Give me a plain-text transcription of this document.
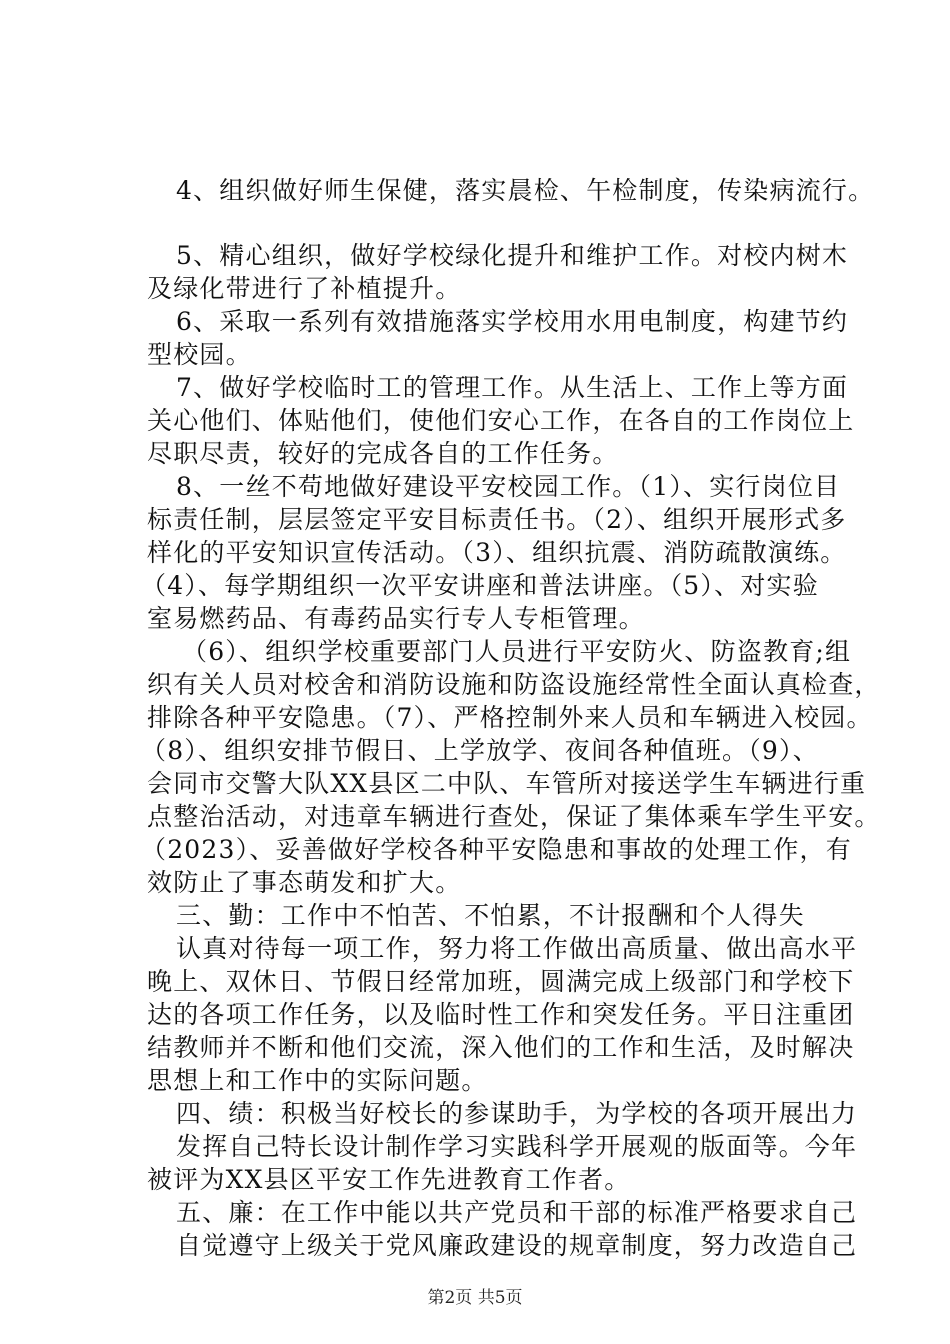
4、组织做好师生保健，落实晨检、午检制度，传染病流行。
5、精心组织，做好学校绿化提升和维护工作。对校内树木
及绿化带进行了补植提升。
6、采取一系列有效措施落实学校用水用电制度，构建节约
型校园。
7、做好学校临时工的管理工作。从生活上、工作上等方面
关心他们、体贴他们，使他们安心工作，在各自的工作岗位上
尽职尽责，较好的完成各自的工作任务。
8、一丝不苟地做好建设平安校园工作。（1）、实行岗位目
标责任制，层层签定平安目标责任书。（2）、组织开展形式多
样化的平安知识宣传活动。（3）、组织抗震、消防疏散演练。
（4）、每学期组织一次平安讲座和普法讲座。（5）、对实验
室易燃药品、有毒药品实行专人专柜管理。
（6）、组织学校重要部门人员进行平安防火、防盗教育;组
织有关人员对校舍和消防设施和防盗设施经常性全面认真检查，
排除各种平安隐患。（7）、严格控制外来人员和车辆进入校园。
（8）、组织安排节假日、上学放学、夜间各种值班。（9）、
会同市交警大队XX县区二中队、车管所对接送学生车辆进行重
点整治活动，对违章车辆进行查处，保证了集体乘车学生平安。
（2023）、妥善做好学校各种平安隐患和事故的处理工作，有
效防止了事态萌发和扩大。
三、勤：工作中不怕苦、不怕累，不计报酬和个人得失
认真对待每一项工作，努力将工作做出高质量、做出高水平
晚上、双休日、节假日经常加班，圆满完成上级部门和学校下
达的各项工作任务，以及临时性工作和突发任务。平日注重团
结教师并不断和他们交流，深入他们的工作和生活，及时解决
思想上和工作中的实际问题。
四、绩：积极当好校长的参谋助手，为学校的各项开展出力
发挥自己特长设计制作学习实践科学开展观的版面等。今年
被评为XX县区平安工作先进教育工作者。
五、廉：在工作中能以共产党员和干部的标准严格要求自己
自觉遵守上级关于党风廉政建设的规章制度，努力改造自己
第2页 共5页
